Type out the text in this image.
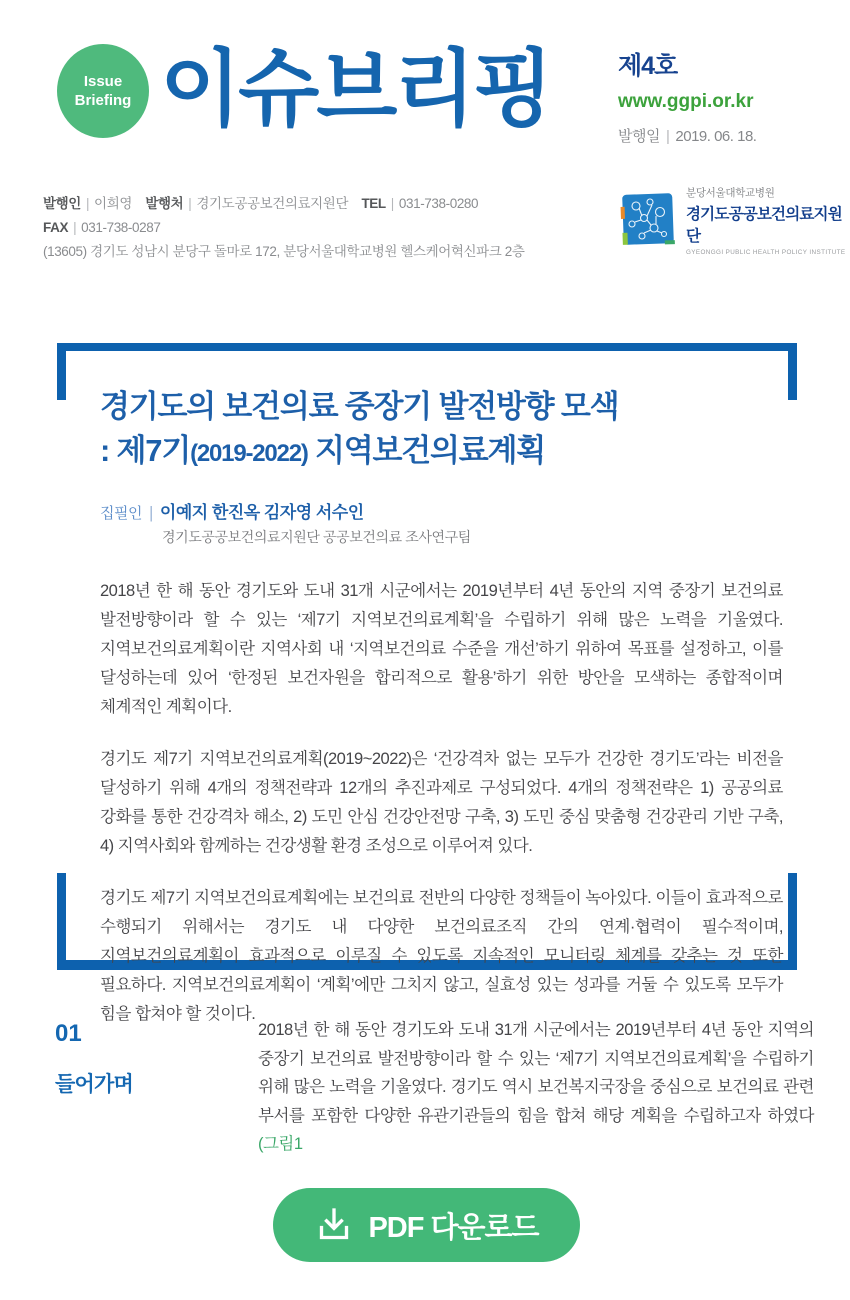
Issue
Briefing 이슈브리핑	제4호
www.ggpi.or.kr
발행일 | 2019. 06. 18.
발행인 | 이희영 발행처 | 경기도공공보건의료지원단 TEL | 031-738-0280 FAX | 031-738-0287
(13605) 경기도 성남시 분당구 돌마로 172, 분당서울대학교병원 헬스케어혁신파크 2층
분당서울대학교병원
경기도공공보건의료지원단
GYEONGGI PUBLIC HEALTH POLICY INSTITUTE
경기도의 보건의료 중장기 발전방향 모색
: 제7기(2019-2022) 지역보건의료계획
집필인 | 이예지 한진옥 김자영 서수인
경기도공공보건의료지원단 공공보건의료 조사연구팀

2018년 한 해 동안 경기도와 도내 31개 시군에서는 2019년부터 4년 동안의 지역 중장기 보건의료 발전방향이라 할 수 있는 ‘제7기 지역보건의료계획’을 수립하기 위해 많은 노력을 기울였다. 지역보건의료계획이란 지역사회 내 ‘지역보건의료 수준을 개선’하기 위하여 목표를 설정하고, 이를 달성하는데 있어 ‘한정된 보건자원을 합리적으로 활용’하기 위한 방안을 모색하는 종합적이며 체계적인 계획이다.

경기도 제7기 지역보건의료계획(2019~2022)은 ‘건강격차 없는 모두가 건강한 경기도’라는 비전을 달성하기 위해 4개의 정책전략과 12개의 추진과제로 구성되었다. 4개의 정책전략은 1) 공공의료 강화를 통한 건강격차 해소, 2) 도민 안심 건강안전망 구축, 3) 도민 중심 맞춤형 건강관리 기반 구축, 4) 지역사회와 함께하는 건강생활 환경 조성으로 이루어져 있다.

경기도 제7기 지역보건의료계획에는 보건의료 전반의 다양한 정책들이 녹아있다. 이들이 효과적으로 수행되기 위해서는 경기도 내 다양한 보건의료조직 간의 연계·협력이 필수적이며, 지역보건의료계획이 효과적으로 이루질 수 있도록 지속적인 모니터링 체계를 갖추는 것 또한 필요하다. 지역보건의료계획이 ‘계획’에만 그치지 않고, 실효성 있는 성과를 거둘 수 있도록 모두가 힘을 합쳐야 할 것이다.

01
들어가며

2018년 한 해 동안 경기도와 도내 31개 시군에서는 2019년부터 4년 동안 지역의 중장기 보건의료 발전방향이라 할 수 있는 ‘제7기 지역보건의료계획’을 수립하기 위해 많은 노력을 기울였다. 경기도 역시 보건복지국장을 중심으로 보건의료 관련 부서를 포함한 다양한 유관기관들의 힘을 합쳐 해당 계획을 수립하고자 하였다(그림1

PDF 다운로드
